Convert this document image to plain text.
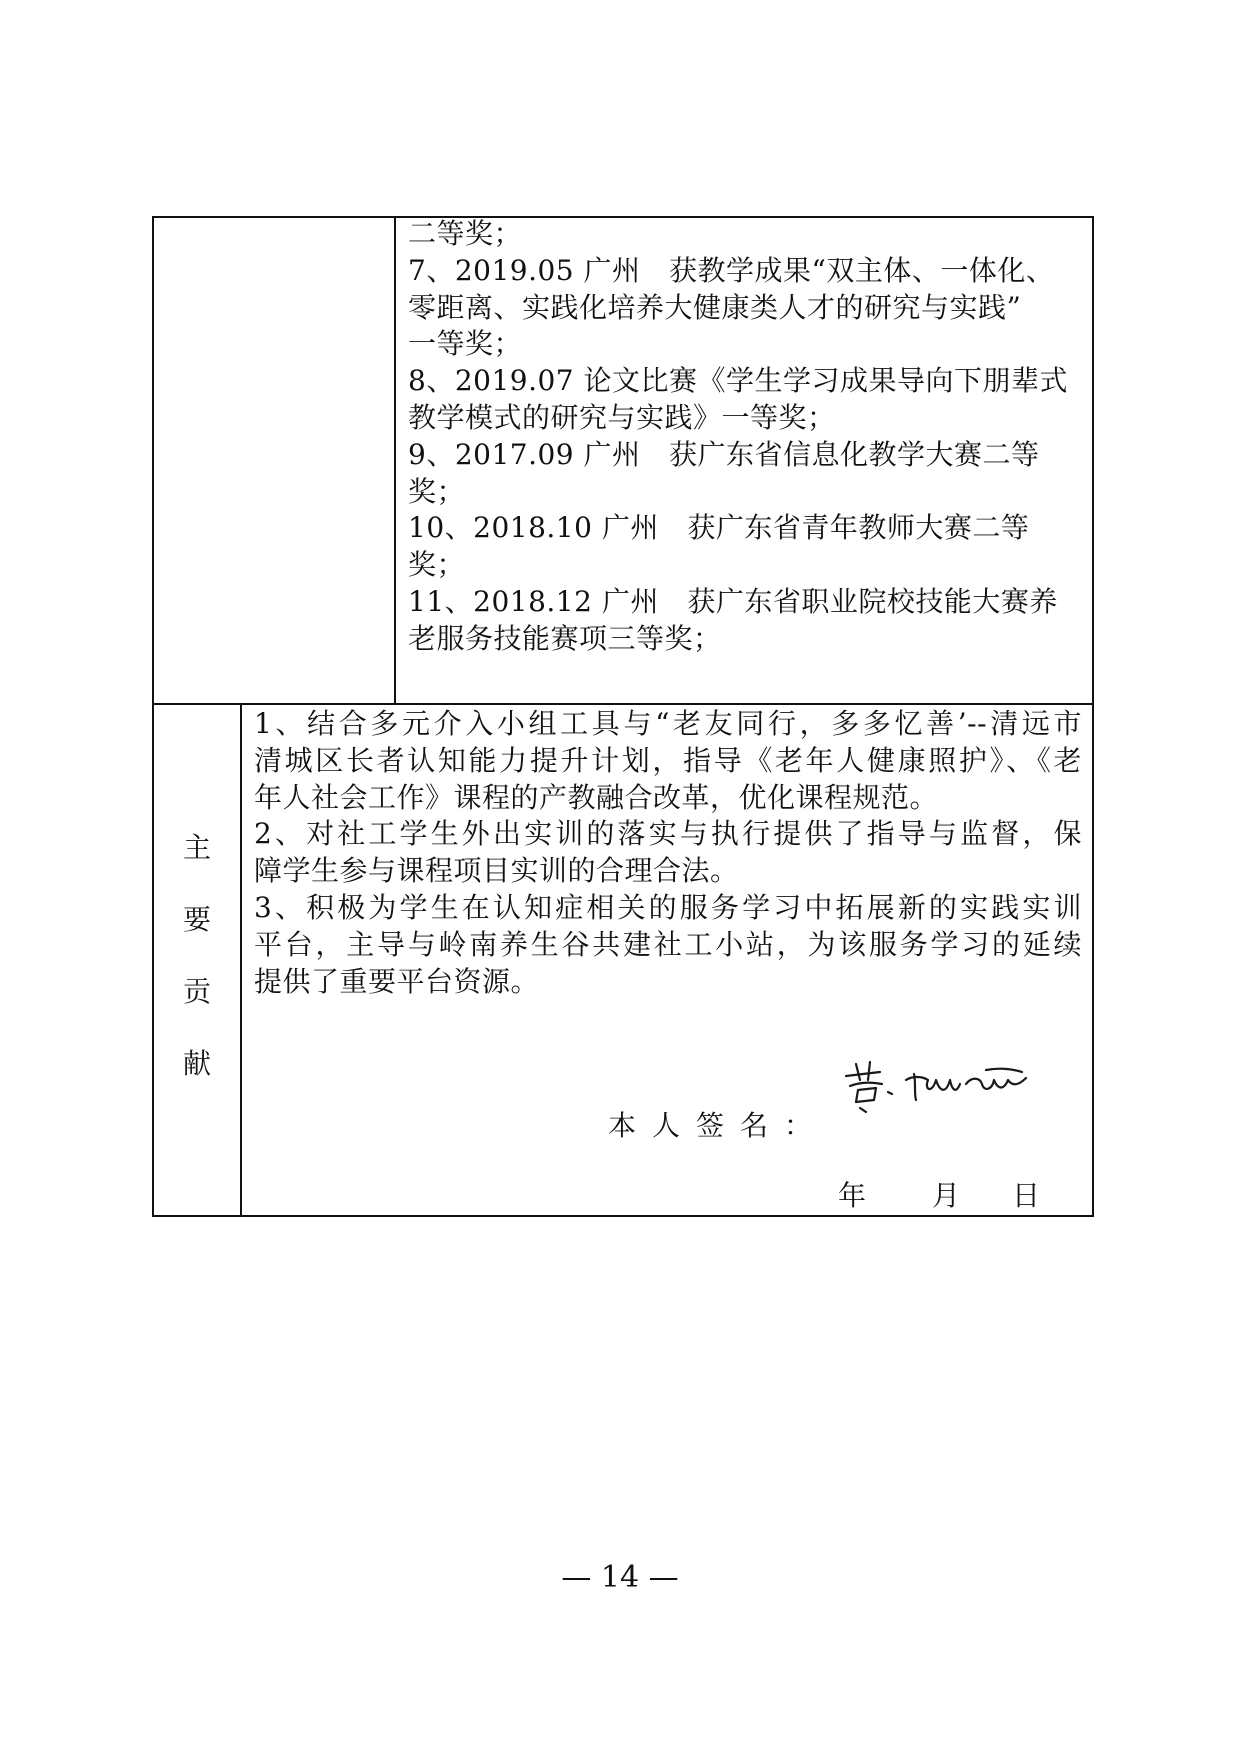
二等奖；
7、2019.05 广州　获教学成果“双主体、一体化、
零距离、实践化培养大健康类人才的研究与实践”
一等奖；
8、2019.07 论文比赛《学生学习成果导向下朋辈式
教学模式的研究与实践》一等奖；
9、2017.09 广州　获广东省信息化教学大赛二等
奖；
10、2018.10 广州　获广东省青年教师大赛二等
奖；
11、2018.12 广州　获广东省职业院校技能大赛养
老服务技能赛项三等奖；
主
要
贡
献
1、结合多元介入小组工具与“老友同行，多多忆善’--清远市
清城区长者认知能力提升计划，指导《老年人健康照护》、《老
年人社会工作》课程的产教融合改革，优化课程规范。
2、对社工学生外出实训的落实与执行提供了指导与监督，保
障学生参与课程项目实训的合理合法。
3、积极为学生在认知症相关的服务学习中拓展新的实践实训
平台，主导与岭南养生谷共建社工小站，为该服务学习的延续
提供了重要平台资源。
本人签名：
年 月 日
— 14 —
